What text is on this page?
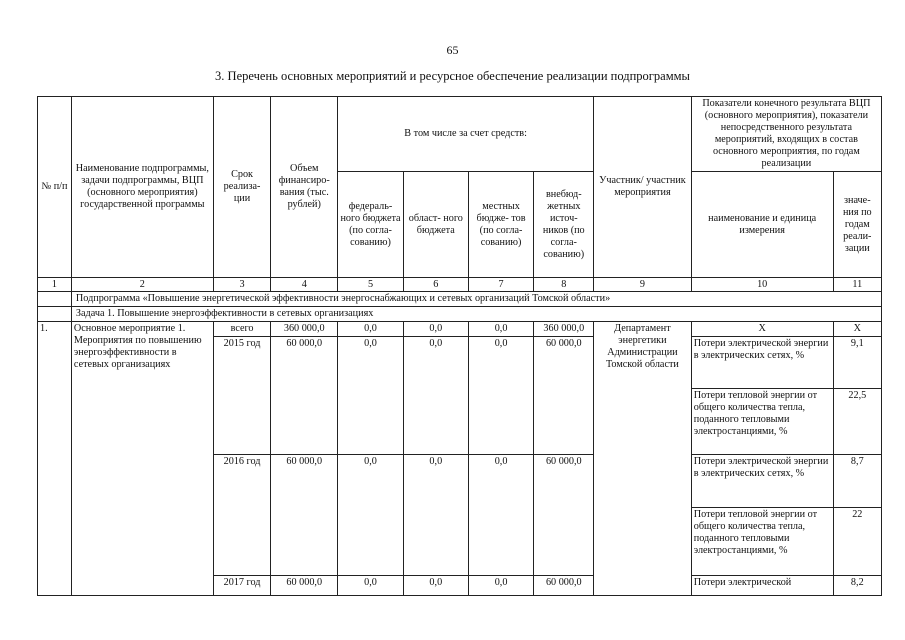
65
3. Перечень основных мероприятий и ресурсное обеспечение реализации подпрограммы
№ п/п	Наименование подпрограммы, задачи подпрограммы, ВЦП (основного мероприятия) государственной программы	Срок реализа- ции	Объем финансиро- вания (тыс. рублей)	В том числе за счет средств:				Участник/ участник мероприятия	Показатели конечного результата ВЦП (основного мероприятия), показатели непосредственного результата мероприятий, входящих в состав основного мероприятия, по годам реализации	
				федераль- ного бюджета (по согла- сованию)	област- ного бюджета	местных бюдже- тов (по согла- сованию)	внебюд- жетных источ- ников (по согла- сованию)		наименование и единица измерения	значе- ния по годам реали- зации
1	2	3	4	5	6	7	8	9	10	11
	Подпрограмма «Повышение энергетической эффективности энергоснабжающих и сетевых организаций Томской области»									
	Задача 1. Повышение энергоэффективности в сетевых организациях									
1.	Основное мероприятие 1. Мероприятия по повышению энергоэффективности в сетевых организациях	всего	360 000,0	0,0	0,0	0,0	360 000,0	Департамент энергетики Администрации Томской области	X	X
		2015 год	60 000,0	0,0	0,0	0,0	60 000,0		Потери электрической энергии в электрических сетях, %	9,1
									Потери тепловой энергии от общего количества тепла, поданного тепловыми электростанциями, %	22,5
		2016 год	60 000,0	0,0	0,0	0,0	60 000,0		Потери электрической энергии в электрических сетях, %	8,7
									Потери тепловой энергии от общего количества тепла, поданного тепловыми электростанциями, %	22
		2017 год	60 000,0	0,0	0,0	0,0	60 000,0		Потери электрической	8,2
